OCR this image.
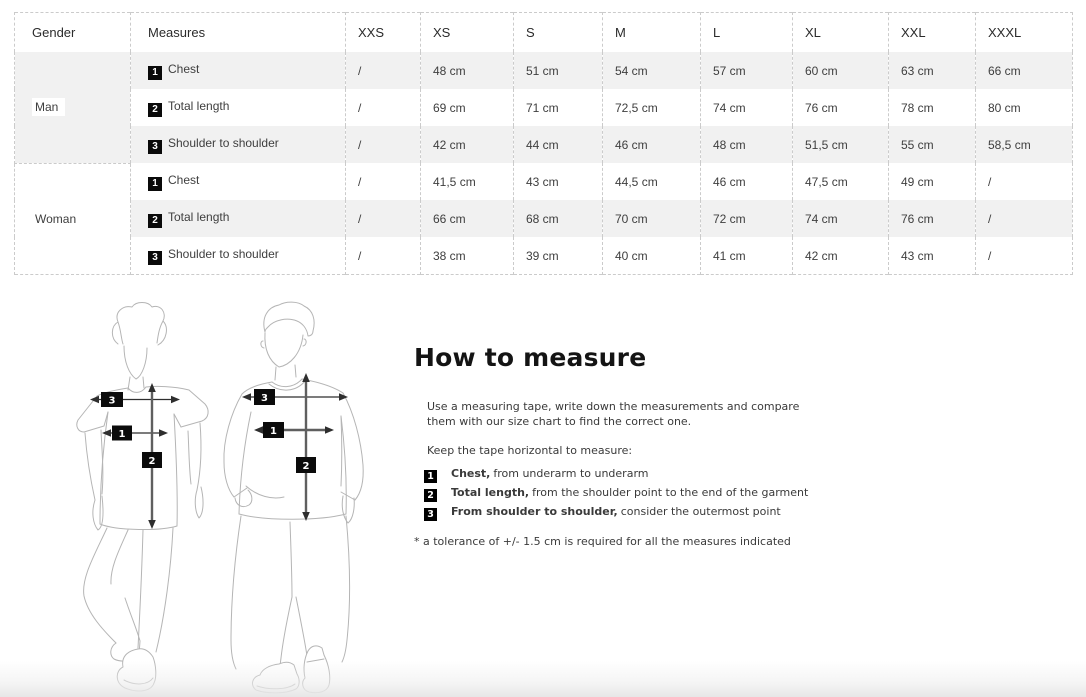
Gender	Measures	XXS	XS	S	M	L	XL	XXL	XXXL
Man	1 Chest	/	48 cm	51 cm	54 cm	57 cm	60 cm	63 cm	66 cm
	2 Total length	/	69 cm	71 cm	72,5 cm	74 cm	76 cm	78 cm	80 cm
	3 Shoulder to shoulder	/	42 cm	44 cm	46 cm	48 cm	51,5 cm	55 cm	58,5 cm
Woman	1 Chest	/	41,5 cm	43 cm	44,5 cm	46 cm	47,5 cm	49 cm	/
	2 Total length	/	66 cm	68 cm	70 cm	72 cm	74 cm	76 cm	/
	3 Shoulder to shoulder	/	38 cm	39 cm	40 cm	41 cm	42 cm	43 cm	/
3
1
2
3
1
2
How to measure

Use a measuring tape, write down the measurements and compare them with our size chart to find the correct one.

Keep the tape horizontal to measure:

1 Chest, from underarm to underarm
2 Total length, from the shoulder point to the end of the garment
3 From shoulder to shoulder, consider the outermost point

* a tolerance of +/- 1.5 cm is required for all the measures indicated
